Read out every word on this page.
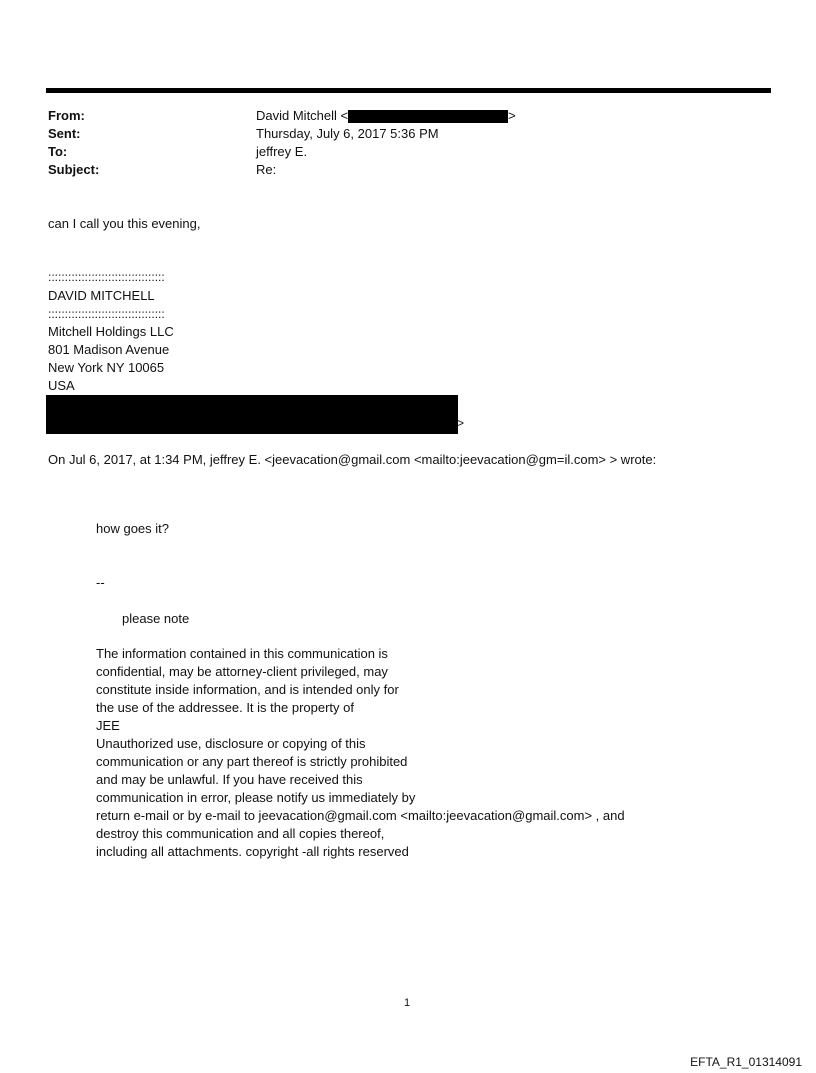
From:	David Mitchell <	>
Sent:	Thursday, July 6, 2017 5:36 PM
To:	jeffrey E.
Subject:	Re:
can I call you this evening,
:::::::::::::::::::::::::::::::::::
DAVID MITCHELL
:::::::::::::::::::::::::::::::::::
Mitchell Holdings LLC
801 Madison Avenue
New York NY 10065
USA
>
On Jul 6, 2017, at 1:34 PM, jeffrey E. <jeevacation@gmail.com <mailto:jeevacation@gm=il.com> > wrote:
how goes it?
--
please note
The information contained in this communication is
confidential, may be attorney-client privileged, may
constitute inside information, and is intended only for
the use of the addressee. It is the property of
JEE
Unauthorized use, disclosure or copying of this
communication or any part thereof is strictly prohibited
and may be unlawful. If you have received this
communication in error, please notify us immediately by
return e-mail or by e-mail to jeevacation@gmail.com <mailto:jeevacation@gmail.com> , and
destroy this communication and all copies thereof,
including all attachments. copyright -all rights reserved
1
EFTA_R1_01314091
